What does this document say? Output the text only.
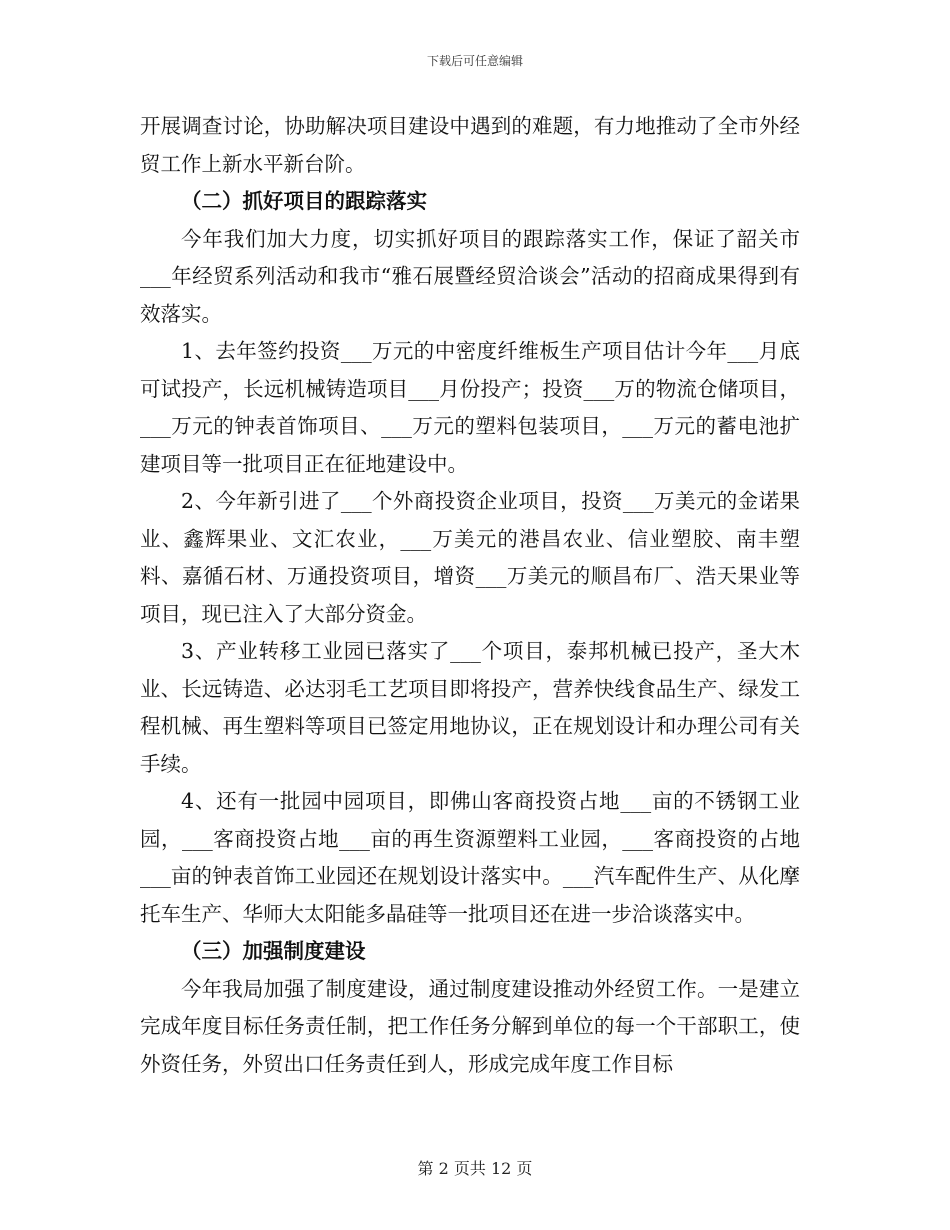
下载后可任意编辑

开展调查讨论，协助解决项目建设中遇到的难题，有力地推动了全市外经贸工作上新水平新台阶。

（二）抓好项目的跟踪落实

今年我们加大力度，切实抓好项目的跟踪落实工作，保证了韶关市___年经贸系列活动和我市“雅石展暨经贸洽谈会”活动的招商成果得到有效落实。

1、去年签约投资___万元的中密度纤维板生产项目估计今年___月底可试投产，长远机械铸造项目___月份投产；投资___万的物流仓储项目，___万元的钟表首饰项目、___万元的塑料包装项目，___万元的蓄电池扩建项目等一批项目正在征地建设中。

2、今年新引进了___个外商投资企业项目，投资___万美元的金诺果业、鑫辉果业、文汇农业，___万美元的港昌农业、信业塑胶、南丰塑料、嘉循石材、万通投资项目，增资___万美元的顺昌布厂、浩天果业等项目，现已注入了大部分资金。

3、产业转移工业园已落实了___个项目，泰邦机械已投产，圣大木业、长远铸造、必达羽毛工艺项目即将投产，营养快线食品生产、绿发工程机械、再生塑料等项目已签定用地协议，正在规划设计和办理公司有关手续。

4、还有一批园中园项目，即佛山客商投资占地___亩的不锈钢工业园，___客商投资占地___亩的再生资源塑料工业园，___客商投资的占地___亩的钟表首饰工业园还在规划设计落实中。___汽车配件生产、从化摩托车生产、华师大太阳能多晶硅等一批项目还在进一步洽谈落实中。

（三）加强制度建设

今年我局加强了制度建设，通过制度建设推动外经贸工作。一是建立完成年度目标任务责任制，把工作任务分解到单位的每一个干部职工，使外资任务，外贸出口任务责任到人，形成完成年度工作目标

第 2 页共 12 页
